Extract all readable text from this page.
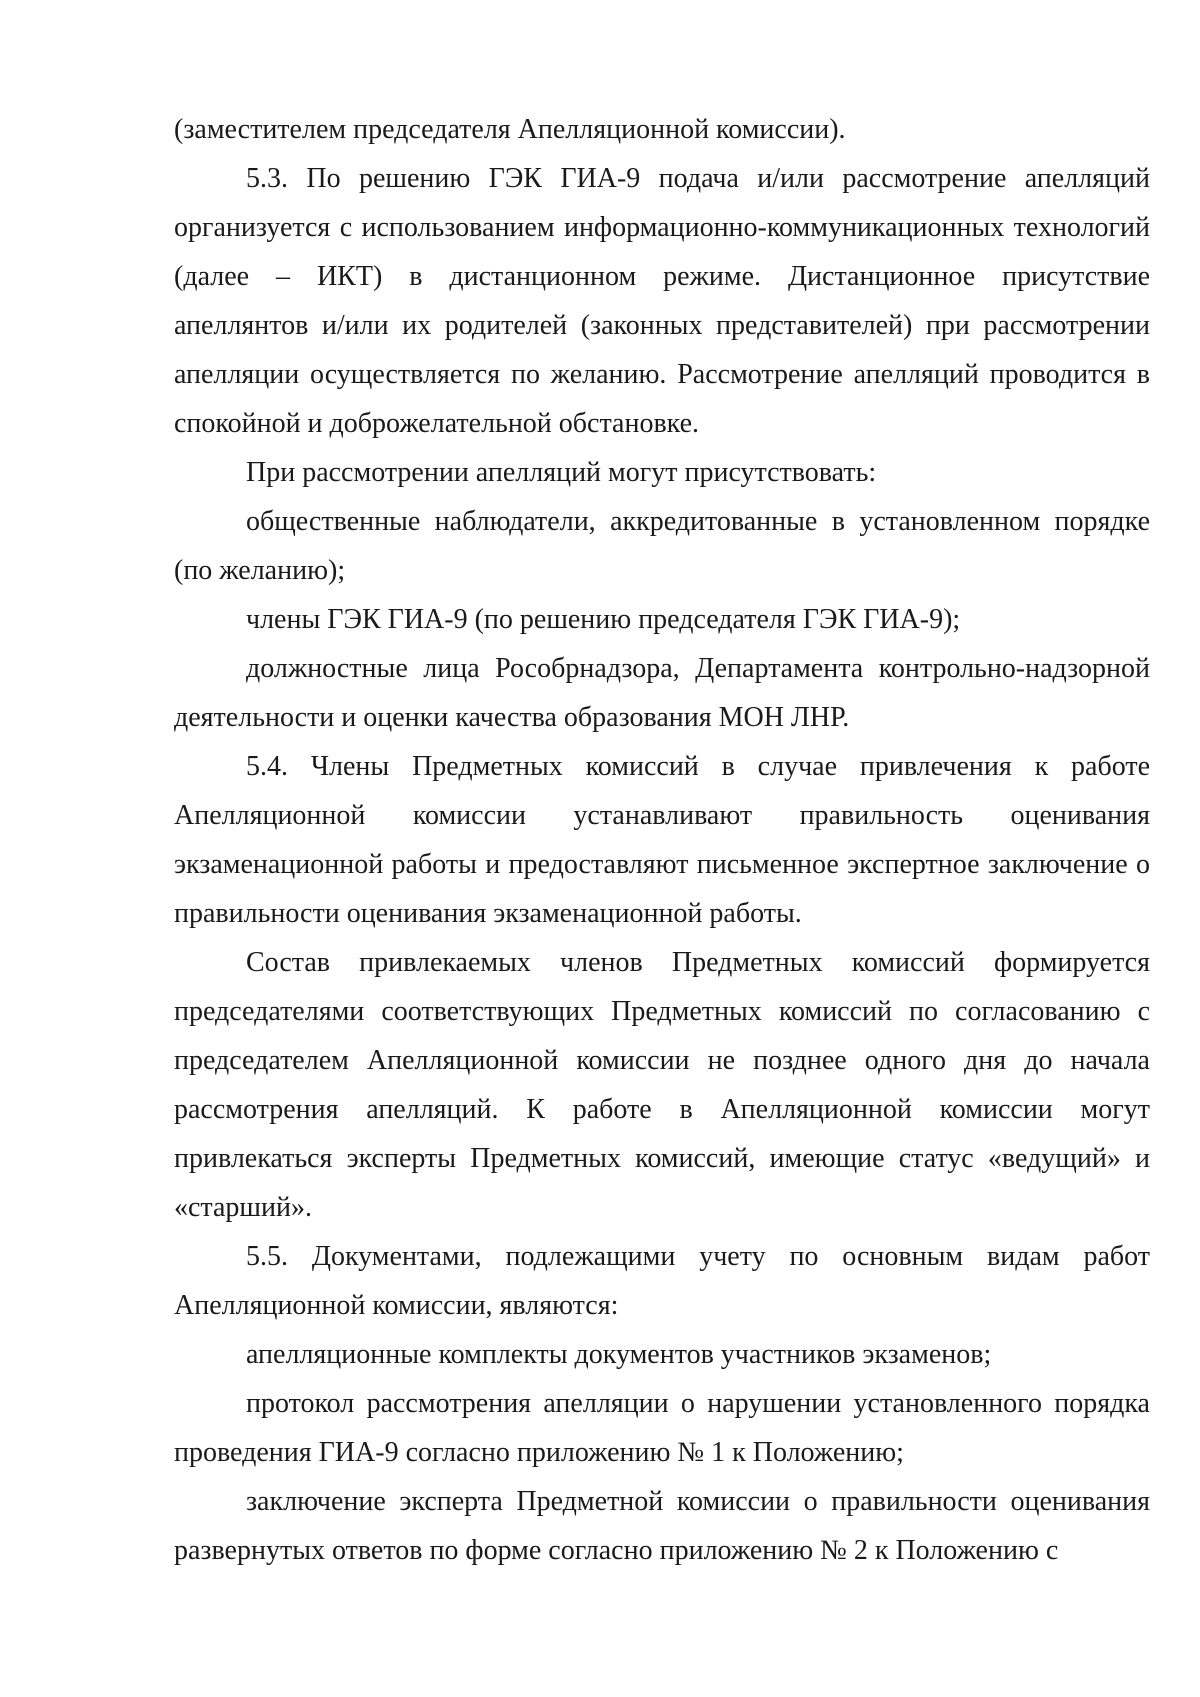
(заместителем председателя Апелляционной комиссии).

5.3. По решению ГЭК ГИА-9 подача и/или рассмотрение апелляций организуется с использованием информационно-коммуникационных технологий (далее – ИКТ) в дистанционном режиме. Дистанционное присутствие апеллянтов и/или их родителей (законных представителей) при рассмотрении апелляции осуществляется по желанию. Рассмотрение апелляций проводится в спокойной и доброжелательной обстановке.

При рассмотрении апелляций могут присутствовать:

общественные наблюдатели, аккредитованные в установленном порядке (по желанию);

члены ГЭК ГИА-9 (по решению председателя ГЭК ГИА-9);

должностные лица Рособрнадзора, Департамента контрольно-надзорной деятельности и оценки качества образования МОН ЛНР.

5.4. Члены Предметных комиссий в случае привлечения к работе Апелляционной комиссии устанавливают правильность оценивания экзаменационной работы и предоставляют письменное экспертное заключение о правильности оценивания экзаменационной работы.

Состав привлекаемых членов Предметных комиссий формируется председателями соответствующих Предметных комиссий по согласованию с председателем Апелляционной комиссии не позднее одного дня до начала рассмотрения апелляций. К работе в Апелляционной комиссии могут привлекаться эксперты Предметных комиссий, имеющие статус «ведущий» и «старший».

5.5. Документами, подлежащими учету по основным видам работ Апелляционной комиссии, являются:

апелляционные комплекты документов участников экзаменов;

протокол рассмотрения апелляции о нарушении установленного порядка проведения ГИА-9 согласно приложению № 1 к Положению;

заключение эксперта Предметной комиссии о правильности оценивания развернутых ответов по форме согласно приложению № 2 к Положению с
